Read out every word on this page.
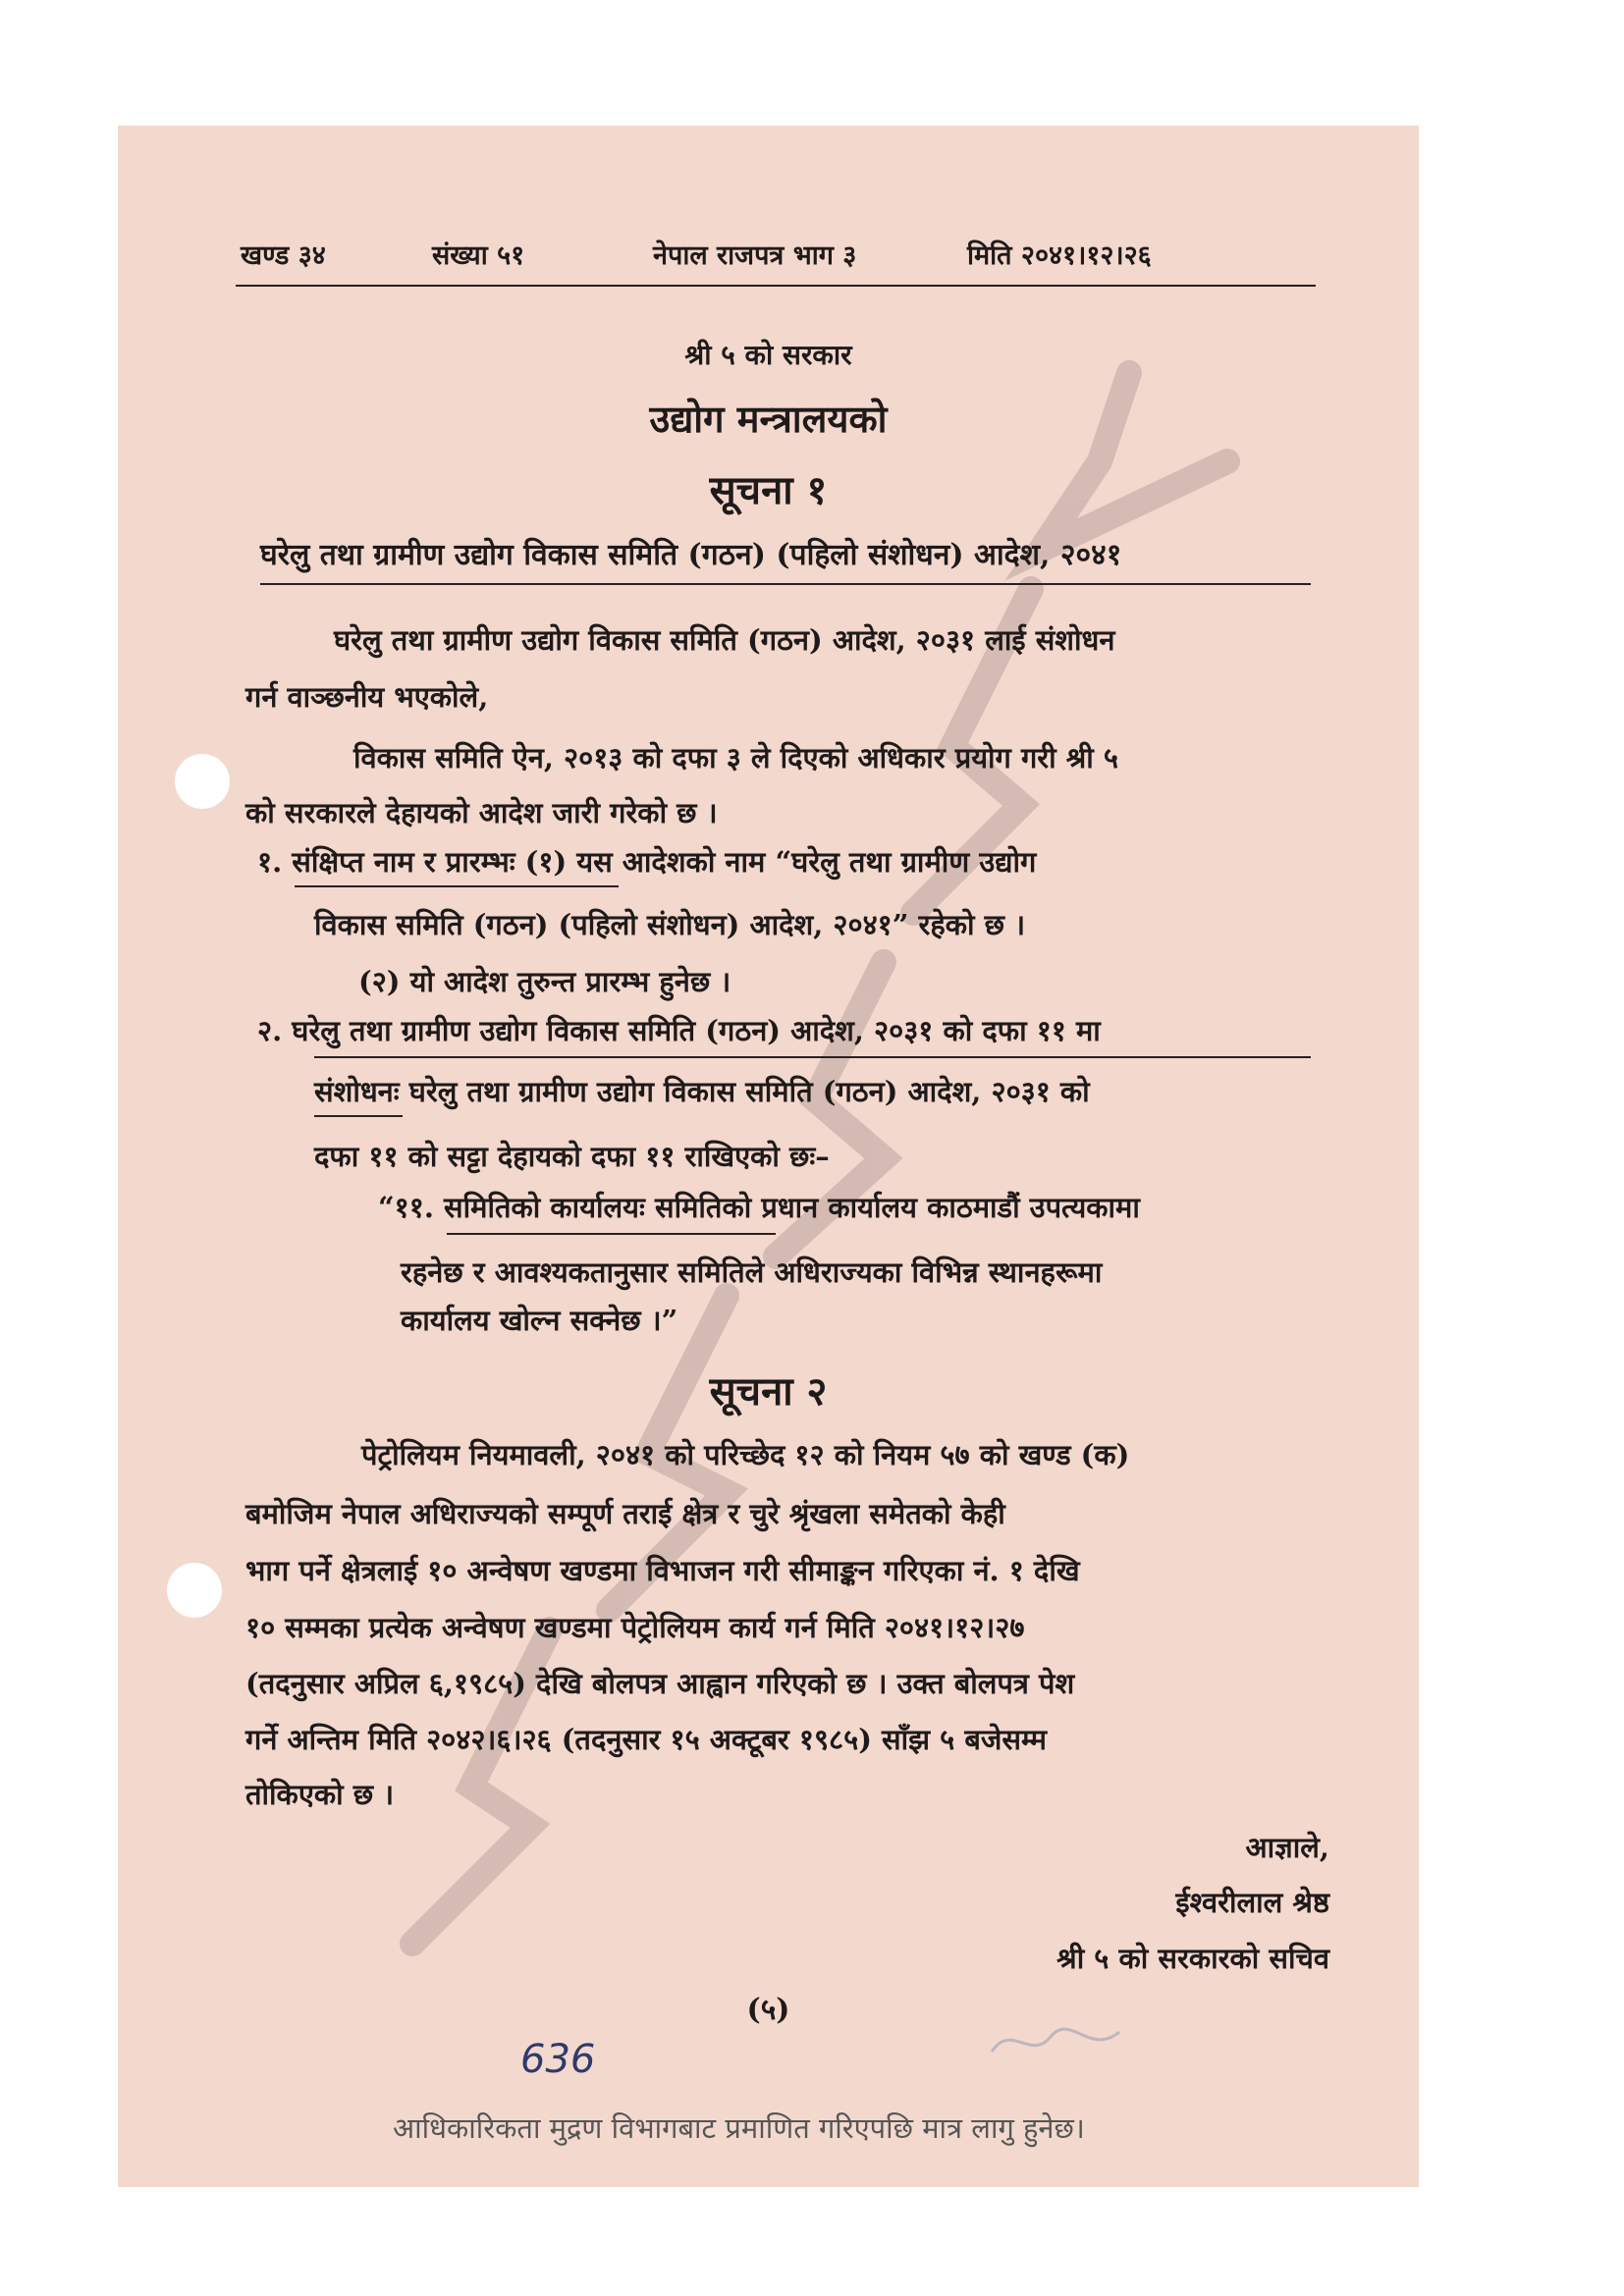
खण्ड ३४	संख्या ५१	नेपाल राजपत्र भाग ३	मिति २०४१।१२।२६
श्री ५ को सरकार
उद्योग मन्त्रालयको
सूचना १
घरेलु तथा ग्रामीण उद्योग विकास समिति (गठन) (पहिलो संशोधन) आदेश, २०४१
घरेलु तथा ग्रामीण उद्योग विकास समिति (गठन) आदेश, २०३१ लाई संशोधन
गर्न वाञ्छनीय भएकोले,
विकास समिति ऐन, २०१३ को दफा ३ ले दिएको अधिकार प्रयोग गरी श्री ५
को सरकारले देहायको आदेश जारी गरेको छ ।
१. संक्षिप्त नाम र प्रारम्भः (१) यस आदेशको नाम “घरेलु तथा ग्रामीण उद्योग
विकास समिति (गठन) (पहिलो संशोधन) आदेश, २०४१” रहेको छ ।
(२) यो आदेश तुरुन्त प्रारम्भ हुनेछ ।
२. घरेलु तथा ग्रामीण उद्योग विकास समिति (गठन) आदेश, २०३१ को दफा ११ मा
संशोधनः घरेलु तथा ग्रामीण उद्योग विकास समिति (गठन) आदेश, २०३१ को
दफा ११ को सट्टा देहायको दफा ११ राखिएको छः–
“११. समितिको कार्यालयः समितिको प्रधान कार्यालय काठमाडौं उपत्यकामा
रहनेछ र आवश्यकतानुसार समितिले अधिराज्यका विभिन्न स्थानहरूमा
कार्यालय खोल्न सक्नेछ ।”
सूचना २
पेट्रोलियम नियमावली, २०४१ को परिच्छेद १२ को नियम ५७ को खण्ड (क)
बमोजिम नेपाल अधिराज्यको सम्पूर्ण तराई क्षेत्र र चुरे श्रृंखला समेतको केही
भाग पर्ने क्षेत्रलाई १० अन्वेषण खण्डमा विभाजन गरी सीमाङ्कन गरिएका नं. १ देखि
१० सम्मका प्रत्येक अन्वेषण खण्डमा पेट्रोलियम कार्य गर्न मिति २०४१।१२।२७
(तदनुसार अप्रिल ६,१९८५) देखि बोलपत्र आह्वान गरिएको छ । उक्त बोलपत्र पेश
गर्ने अन्तिम मिति २०४२।६।२६ (तदनुसार १५ अक्टूबर १९८५) साँझ ५ बजेसम्म
तोकिएको छ ।
आज्ञाले,
ईश्वरीलाल श्रेष्ठ
श्री ५ को सरकारको सचिव
(५)
636
आधिकारिकता मुद्रण विभागबाट प्रमाणित गरिएपछि मात्र लागु हुनेछ।
